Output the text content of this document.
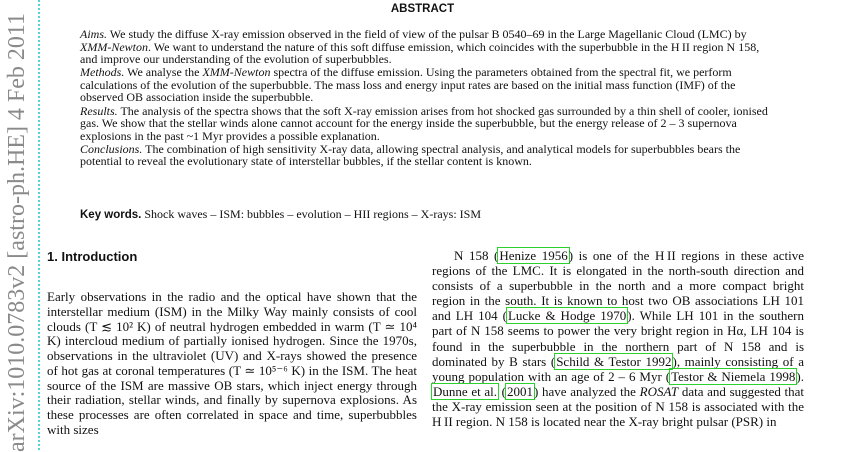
arXiv:1010.0783v2 [astro-ph.HE] 4 Feb 2011
ABSTRACT

Aims. We study the diffuse X-ray emission observed in the field of view of the pulsar B 0540–69 in the Large Magellanic Cloud (LMC) by XMM-Newton. We want to understand the nature of this soft diffuse emission, which coincides with the superbubble in the H II region N 158, and improve our understanding of the evolution of superbubbles.

Methods. We analyse the XMM-Newton spectra of the diffuse emission. Using the parameters obtained from the spectral fit, we perform calculations of the evolution of the superbubble. The mass loss and energy input rates are based on the initial mass function (IMF) of the observed OB association inside the superbubble.

Results. The analysis of the spectra shows that the soft X-ray emission arises from hot shocked gas surrounded by a thin shell of cooler, ionised gas. We show that the stellar winds alone cannot account for the energy inside the superbubble, but the energy release of 2 – 3 supernova explosions in the past ~1 Myr provides a possible explanation.

Conclusions. The combination of high sensitivity X-ray data, allowing spectral analysis, and analytical models for superbubbles bears the potential to reveal the evolutionary state of interstellar bubbles, if the stellar content is known.

Key words. Shock waves – ISM: bubbles – evolution – HII regions – X-rays: ISM
1. Introduction

Early observations in the radio and the optical have shown that the interstellar medium (ISM) in the Milky Way mainly consists of cool clouds (T ≲ 10² K) of neutral hydrogen embedded in warm (T ≃ 10⁴ K) intercloud medium of partially ionised hydrogen. Since the 1970s, observations in the ultraviolet (UV) and X-rays showed the presence of hot gas at coronal temperatures (T ≃ 10⁵⁻⁶ K) in the ISM. The heat source of the ISM are massive OB stars, which inject energy through their radiation, stellar winds, and finally by supernova explosions. As these processes are often correlated in space and time, superbubbles with sizes

N 158 (Henize 1956) is one of the H II regions in these active regions of the LMC. It is elongated in the north-south direction and consists of a superbubble in the north and a more compact bright region in the south. It is known to host two OB associations LH 101 and LH 104 (Lucke & Hodge 1970). While LH 101 in the southern part of N 158 seems to power the very bright region in Hα, LH 104 is found in the superbubble in the northern part of N 158 and is dominated by B stars (Schild & Testor 1992), mainly consisting of a young population with an age of 2 – 6 Myr (Testor & Niemela 1998). Dunne et al. (2001) have analyzed the ROSAT data and suggested that the X-ray emission seen at the position of N 158 is associated with the H II region. N 158 is located near the X-ray bright pulsar (PSR) in
